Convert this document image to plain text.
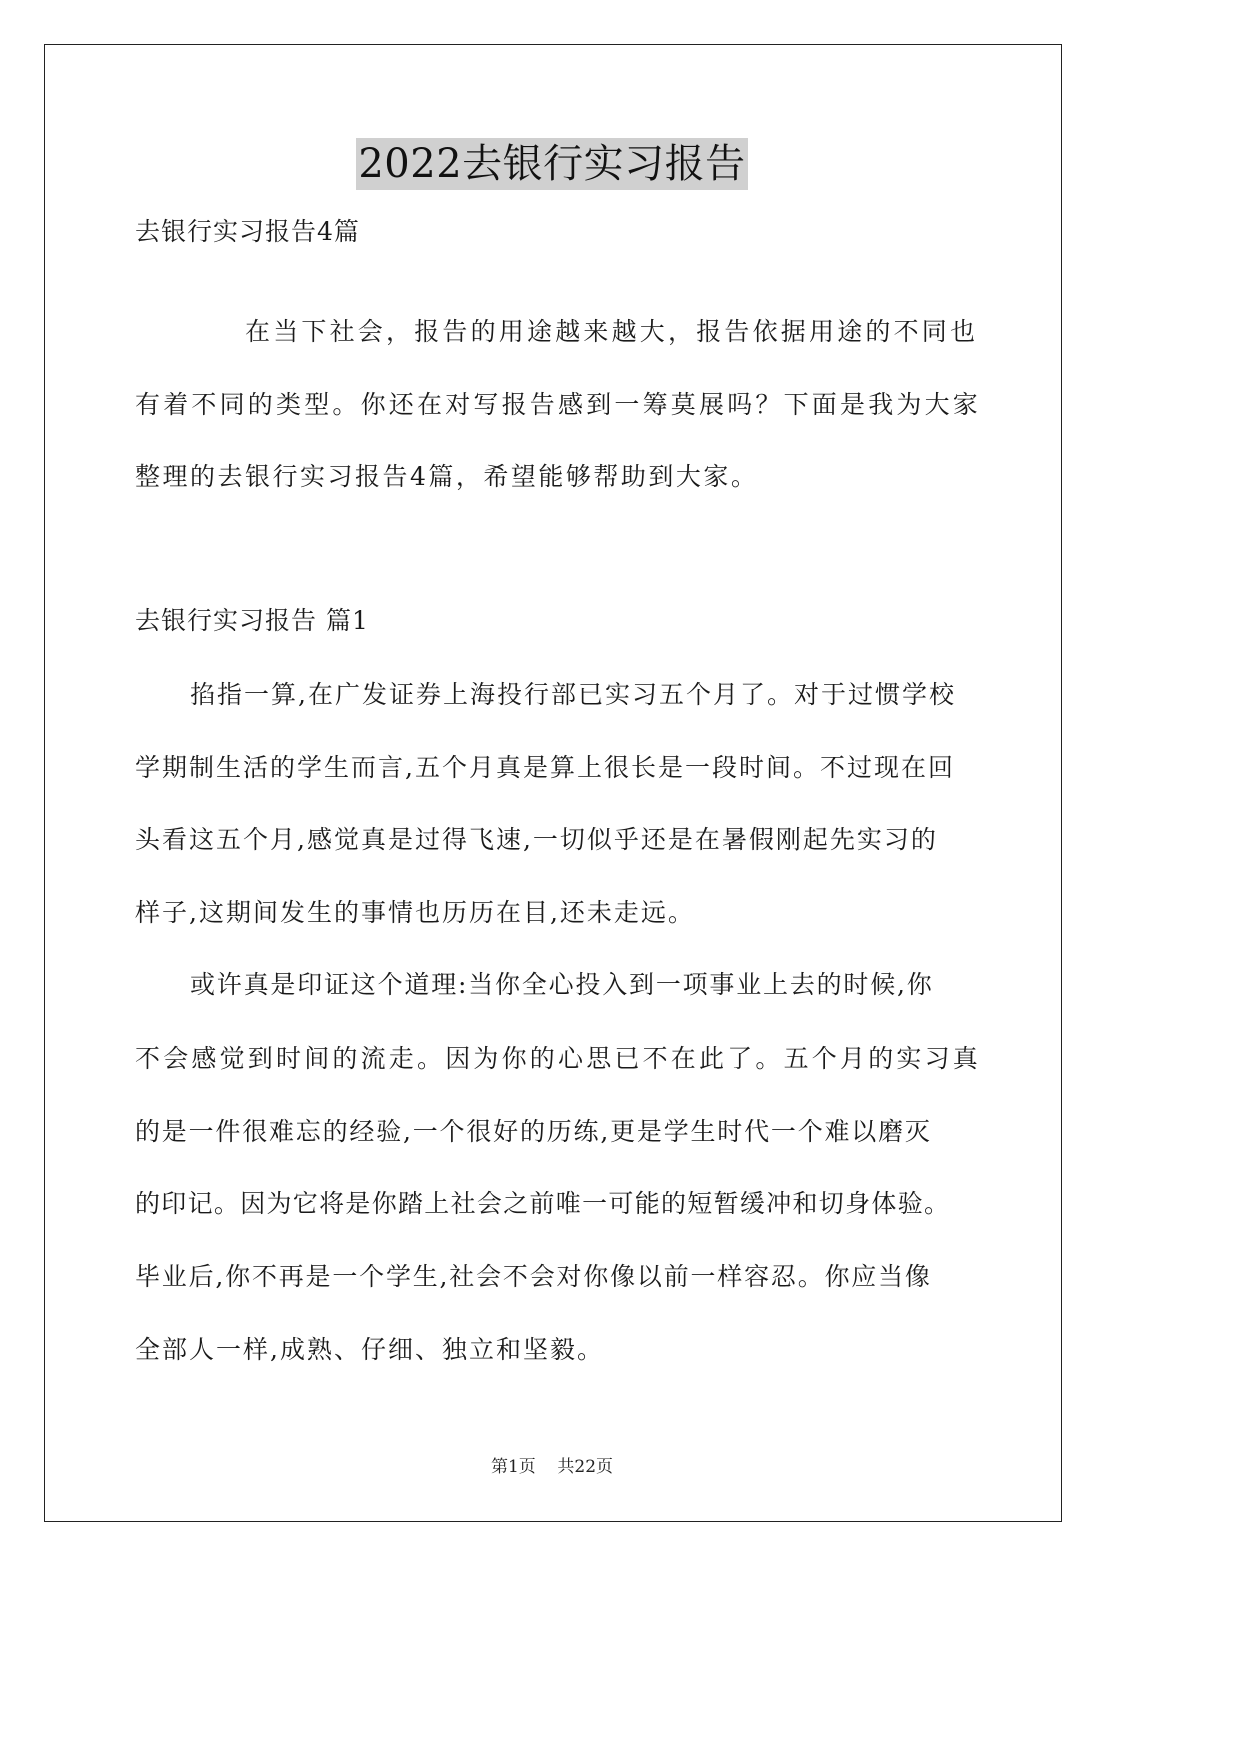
2022去银行实习报告
去银行实习报告4篇
在当下社会，报告的用途越来越大，报告依据用途的不同也
有着不同的类型。你还在对写报告感到一筹莫展吗？下面是我为大家
整理的去银行实习报告4篇，希望能够帮助到大家。
去银行实习报告 篇1
掐指一算,在广发证券上海投行部已实习五个月了。对于过惯学校
学期制生活的学生而言,五个月真是算上很长是一段时间。不过现在回
头看这五个月,感觉真是过得飞速,一切似乎还是在暑假刚起先实习的
样子,这期间发生的事情也历历在目,还未走远。
或许真是印证这个道理:当你全心投入到一项事业上去的时候,你
不会感觉到时间的流走。因为你的心思已不在此了。五个月的实习真
的是一件很难忘的经验,一个很好的历练,更是学生时代一个难以磨灭
的印记。因为它将是你踏上社会之前唯一可能的短暂缓冲和切身体验。
毕业后,你不再是一个学生,社会不会对你像以前一样容忍。你应当像
全部人一样,成熟、仔细、独立和坚毅。
第1页 共22页
